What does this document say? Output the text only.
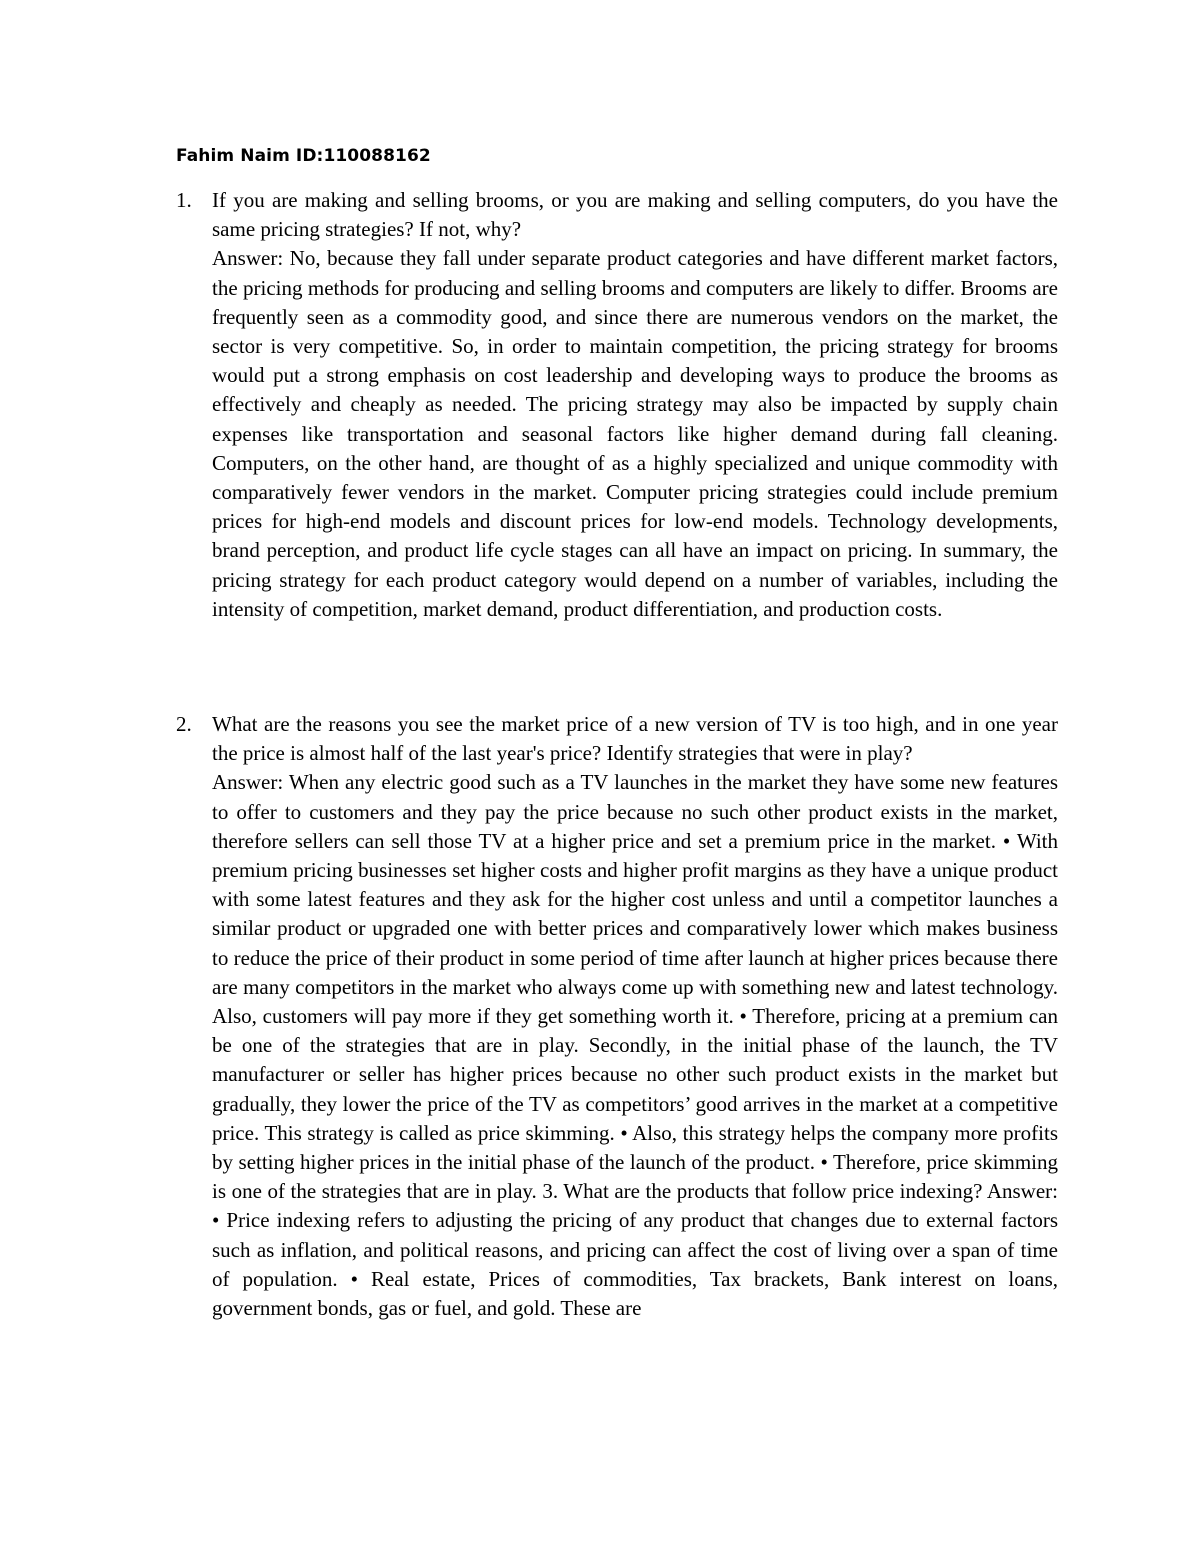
Fahim Naim ID:110088162
1. If you are making and selling brooms, or you are making and selling computers, do you have the same pricing strategies? If not, why?

Answer: No, because they fall under separate product categories and have different market factors, the pricing methods for producing and selling brooms and computers are likely to differ. Brooms are frequently seen as a commodity good, and since there are numerous vendors on the market, the sector is very competitive. So, in order to maintain competition, the pricing strategy for brooms would put a strong emphasis on cost leadership and developing ways to produce the brooms as effectively and cheaply as needed. The pricing strategy may also be impacted by supply chain expenses like transportation and seasonal factors like higher demand during fall cleaning. Computers, on the other hand, are thought of as a highly specialized and unique commodity with comparatively fewer vendors in the market. Computer pricing strategies could include premium prices for high-end models and discount prices for low-end models. Technology developments, brand perception, and product life cycle stages can all have an impact on pricing. In summary, the pricing strategy for each product category would depend on a number of variables, including the intensity of competition, market demand, product differentiation, and production costs.

2. What are the reasons you see the market price of a new version of TV is too high, and in one year the price is almost half of the last year's price? Identify strategies that were in play?

Answer: When any electric good such as a TV launches in the market they have some new features to offer to customers and they pay the price because no such other product exists in the market, therefore sellers can sell those TV at a higher price and set a premium price in the market. • With premium pricing businesses set higher costs and higher profit margins as they have a unique product with some latest features and they ask for the higher cost unless and until a competitor launches a similar product or upgraded one with better prices and comparatively lower which makes business to reduce the price of their product in some period of time after launch at higher prices because there are many competitors in the market who always come up with something new and latest technology. Also, customers will pay more if they get something worth it. • Therefore, pricing at a premium can be one of the strategies that are in play. Secondly, in the initial phase of the launch, the TV manufacturer or seller has higher prices because no other such product exists in the market but gradually, they lower the price of the TV as competitors’ good arrives in the market at a competitive price. This strategy is called as price skimming. • Also, this strategy helps the company more profits by setting higher prices in the initial phase of the launch of the product. • Therefore, price skimming is one of the strategies that are in play. 3. What are the products that follow price indexing? Answer: • Price indexing refers to adjusting the pricing of any product that changes due to external factors such as inflation, and political reasons, and pricing can affect the cost of living over a span of time of population. • Real estate, Prices of commodities, Tax brackets, Bank interest on loans, government bonds, gas or fuel, and gold. These are
